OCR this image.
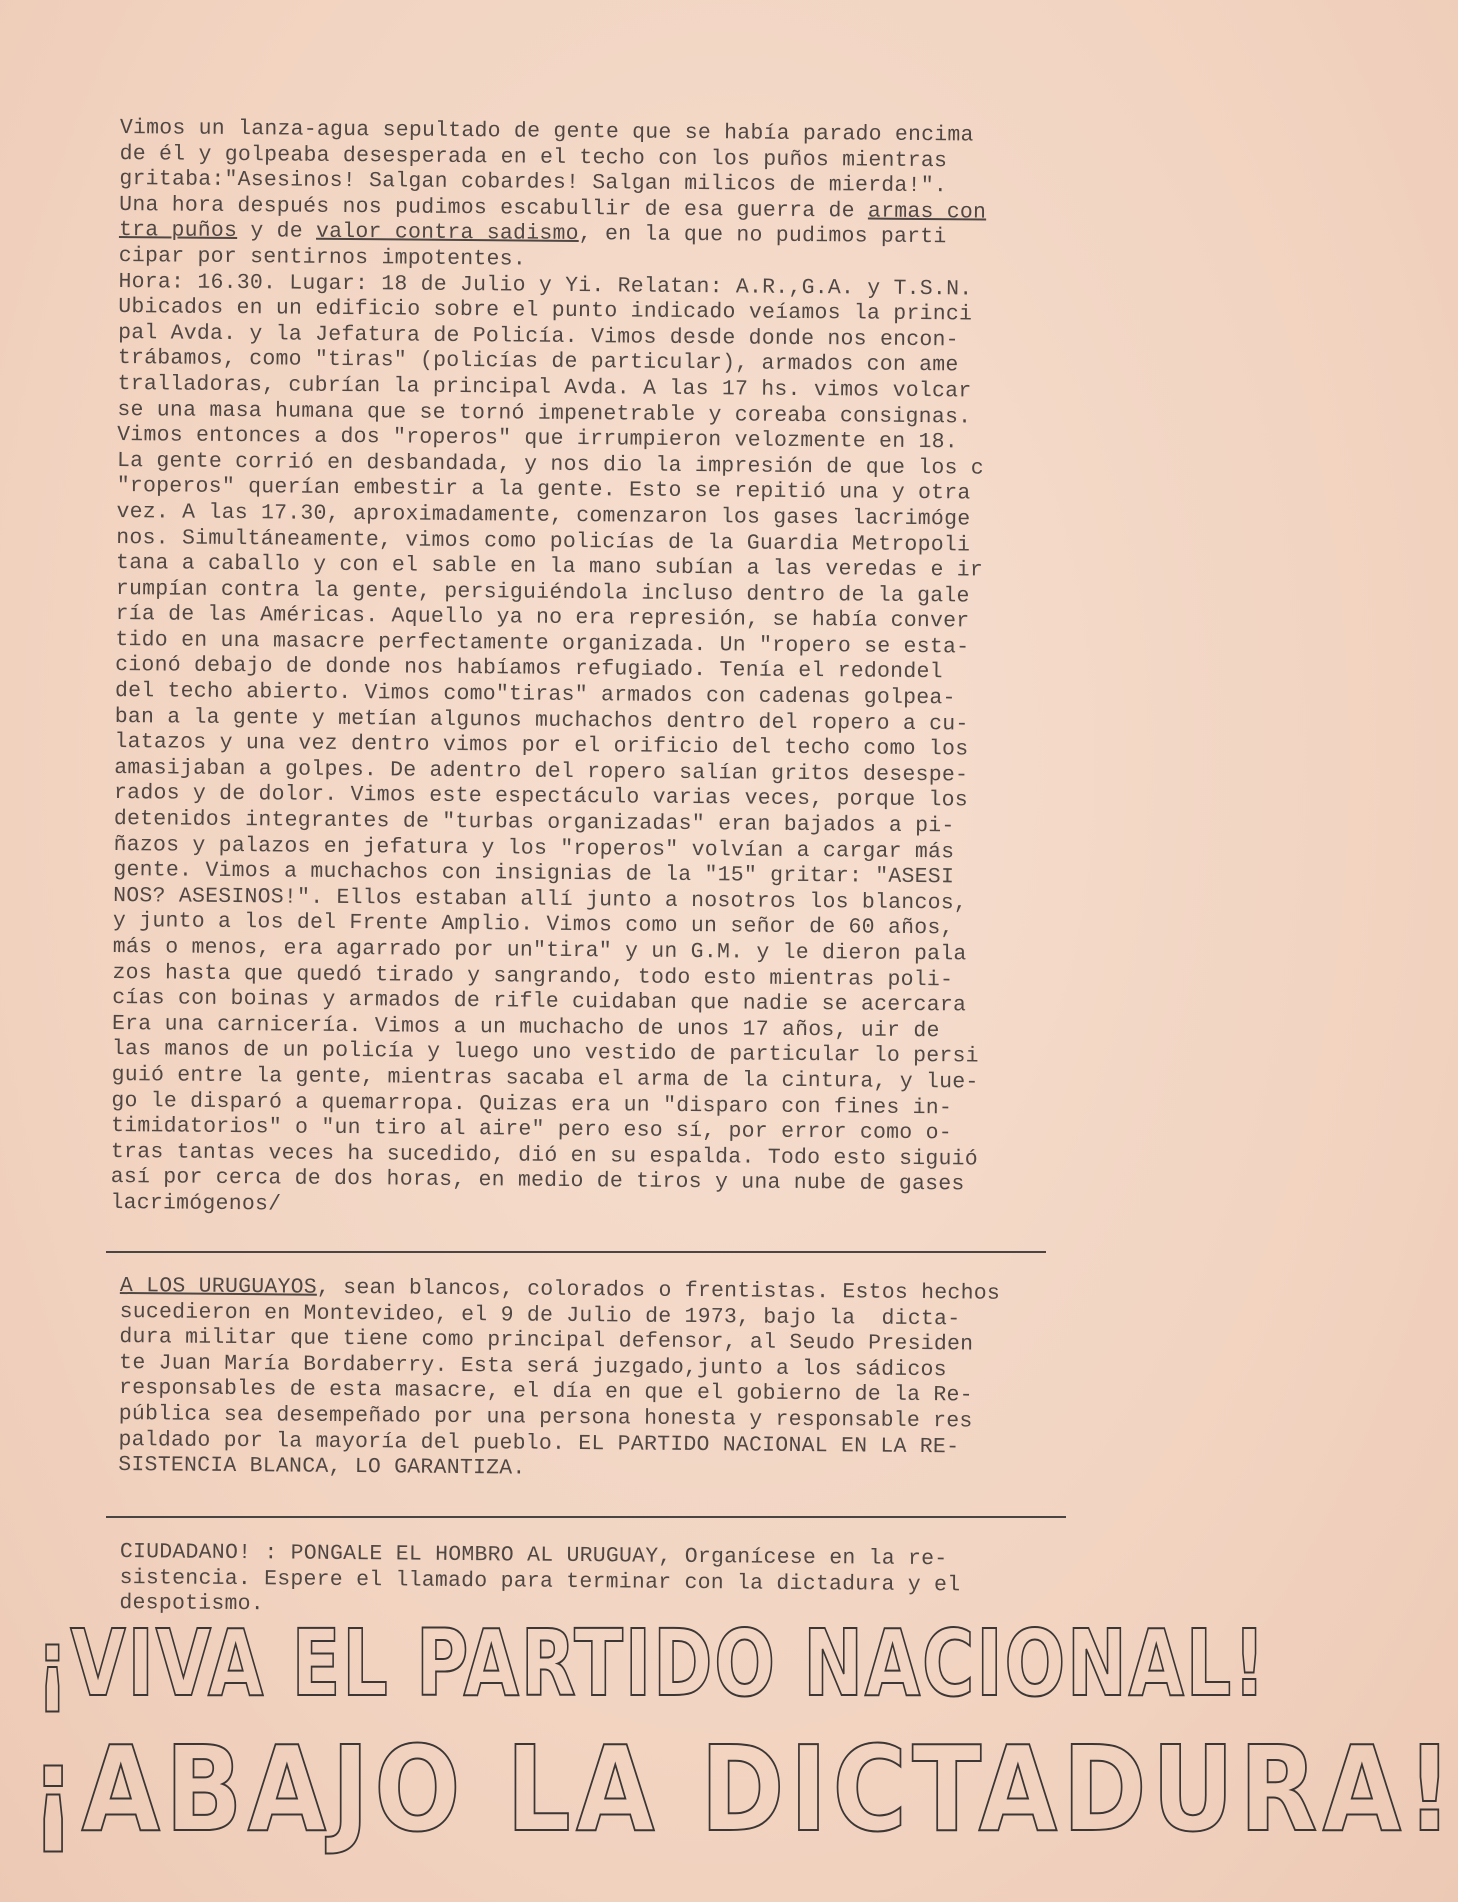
Vimos un lanza-agua sepultado de gente que se había parado encima
de él y golpeaba desesperada en el techo con los puños mientras
gritaba:"Asesinos! Salgan cobardes! Salgan milicos de mierda!".
Una hora después nos pudimos escabullir de esa guerra de armas con
tra puños y de valor contra sadismo, en la que no pudimos parti
cipar por sentirnos impotentes.
Hora: 16.30. Lugar: 18 de Julio y Yi. Relatan: A.R.,G.A. y T.S.N.
Ubicados en un edificio sobre el punto indicado veíamos la princi
pal Avda. y la Jefatura de Policía. Vimos desde donde nos encon-
trábamos, como "tiras" (policías de particular), armados con ame
tralladoras, cubrían la principal Avda. A las 17 hs. vimos volcar
se una masa humana que se tornó impenetrable y coreaba consignas.
Vimos entonces a dos "roperos" que irrumpieron velozmente en 18.
La gente corrió en desbandada, y nos dio la impresión de que los c
"roperos" querían embestir a la gente. Esto se repitió una y otra
vez. A las 17.30, aproximadamente, comenzaron los gases lacrimóge
nos. Simultáneamente, vimos como policías de la Guardia Metropoli
tana a caballo y con el sable en la mano subían a las veredas e ir
rumpían contra la gente, persiguiéndola incluso dentro de la gale
ría de las Américas. Aquello ya no era represión, se había conver
tido en una masacre perfectamente organizada. Un "ropero se esta-
cionó debajo de donde nos habíamos refugiado. Tenía el redondel
del techo abierto. Vimos como"tiras" armados con cadenas golpea-
ban a la gente y metían algunos muchachos dentro del ropero a cu-
latazos y una vez dentro vimos por el orificio del techo como los
amasijaban a golpes. De adentro del ropero salían gritos desespe-
rados y de dolor. Vimos este espectáculo varias veces, porque los
detenidos integrantes de "turbas organizadas" eran bajados a pi-
ñazos y palazos en jefatura y los "roperos" volvían a cargar más
gente. Vimos a muchachos con insignias de la "15" gritar: "ASESI
NOS? ASESINOS!". Ellos estaban allí junto a nosotros los blancos,
y junto a los del Frente Amplio. Vimos como un señor de 60 años,
más o menos, era agarrado por un"tira" y un G.M. y le dieron pala
zos hasta que quedó tirado y sangrando, todo esto mientras poli-
cías con boinas y armados de rifle cuidaban que nadie se acercara
Era una carnicería. Vimos a un muchacho de unos 17 años, uir de
las manos de un policía y luego uno vestido de particular lo persi
guió entre la gente, mientras sacaba el arma de la cintura, y lue-
go le disparó a quemarropa. Quizas era un "disparo con fines in-
timidatorios" o "un tiro al aire" pero eso sí, por error como o-
tras tantas veces ha sucedido, dió en su espalda. Todo esto siguió
así por cerca de dos horas, en medio de tiros y una nube de gases
lacrimógenos/
A LOS URUGUAYOS, sean blancos, colorados o frentistas. Estos hechos
sucedieron en Montevideo, el 9 de Julio de 1973, bajo la  dicta-
dura militar que tiene como principal defensor, al Seudo Presiden
te Juan María Bordaberry. Esta será juzgado,junto a los sádicos
responsables de esta masacre, el día en que el gobierno de la Re-
pública sea desempeñado por una persona honesta y responsable res
paldado por la mayoría del pueblo. EL PARTIDO NACIONAL EN LA RE-
SISTENCIA BLANCA, LO GARANTIZA.
CIUDADANO! : PONGALE EL HOMBRO AL URUGUAY, Organícese en la re-
sistencia. Espere el llamado para terminar con la dictadura y el
despotismo.
¡VIVA EL PARTIDO NACIONAL!
¡ABAJO LA DICTADURA!
